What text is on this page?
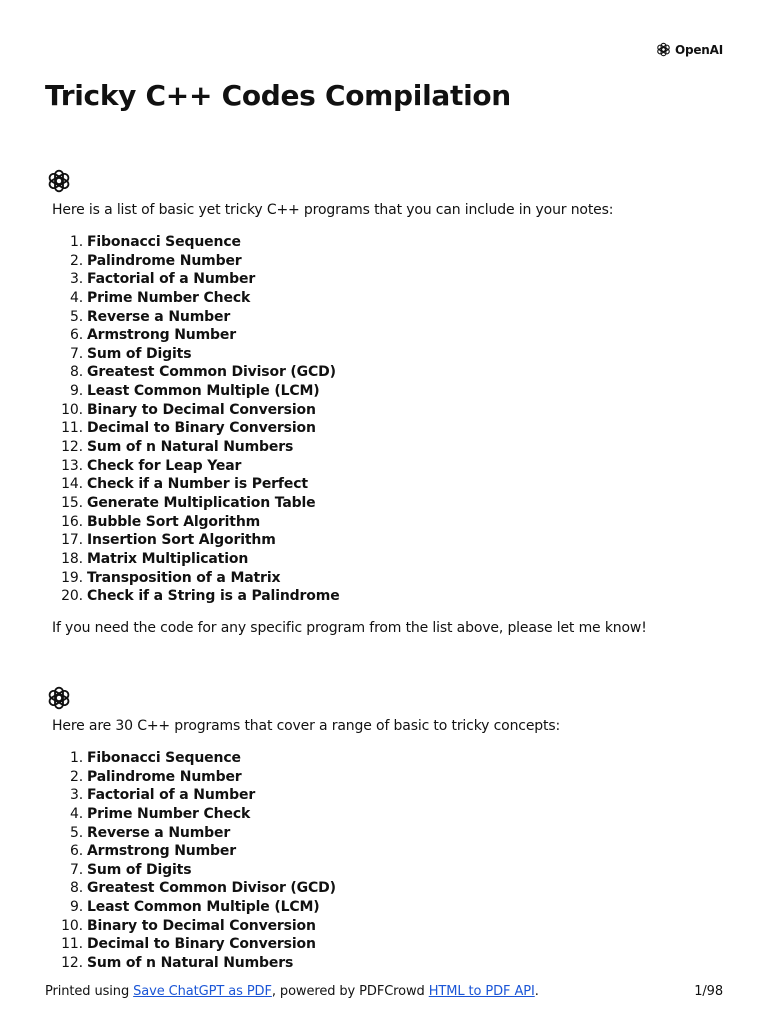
OpenAI
Tricky C++ Codes Compilation

Here is a list of basic yet tricky C++ programs that you can include in your notes:

1. Fibonacci Sequence
2. Palindrome Number
3. Factorial of a Number
4. Prime Number Check
5. Reverse a Number
6. Armstrong Number
7. Sum of Digits
8. Greatest Common Divisor (GCD)
9. Least Common Multiple (LCM)
10. Binary to Decimal Conversion
11. Decimal to Binary Conversion
12. Sum of n Natural Numbers
13. Check for Leap Year
14. Check if a Number is Perfect
15. Generate Multiplication Table
16. Bubble Sort Algorithm
17. Insertion Sort Algorithm
18. Matrix Multiplication
19. Transposition of a Matrix
20. Check if a String is a Palindrome

If you need the code for any specific program from the list above, please let me know!

Here are 30 C++ programs that cover a range of basic to tricky concepts:

1. Fibonacci Sequence
2. Palindrome Number
3. Factorial of a Number
4. Prime Number Check
5. Reverse a Number
6. Armstrong Number
7. Sum of Digits
8. Greatest Common Divisor (GCD)
9. Least Common Multiple (LCM)
10. Binary to Decimal Conversion
11. Decimal to Binary Conversion
12. Sum of n Natural Numbers
Printed using Save ChatGPT as PDF, powered by PDFCrowd HTML to PDF API.	1/98
